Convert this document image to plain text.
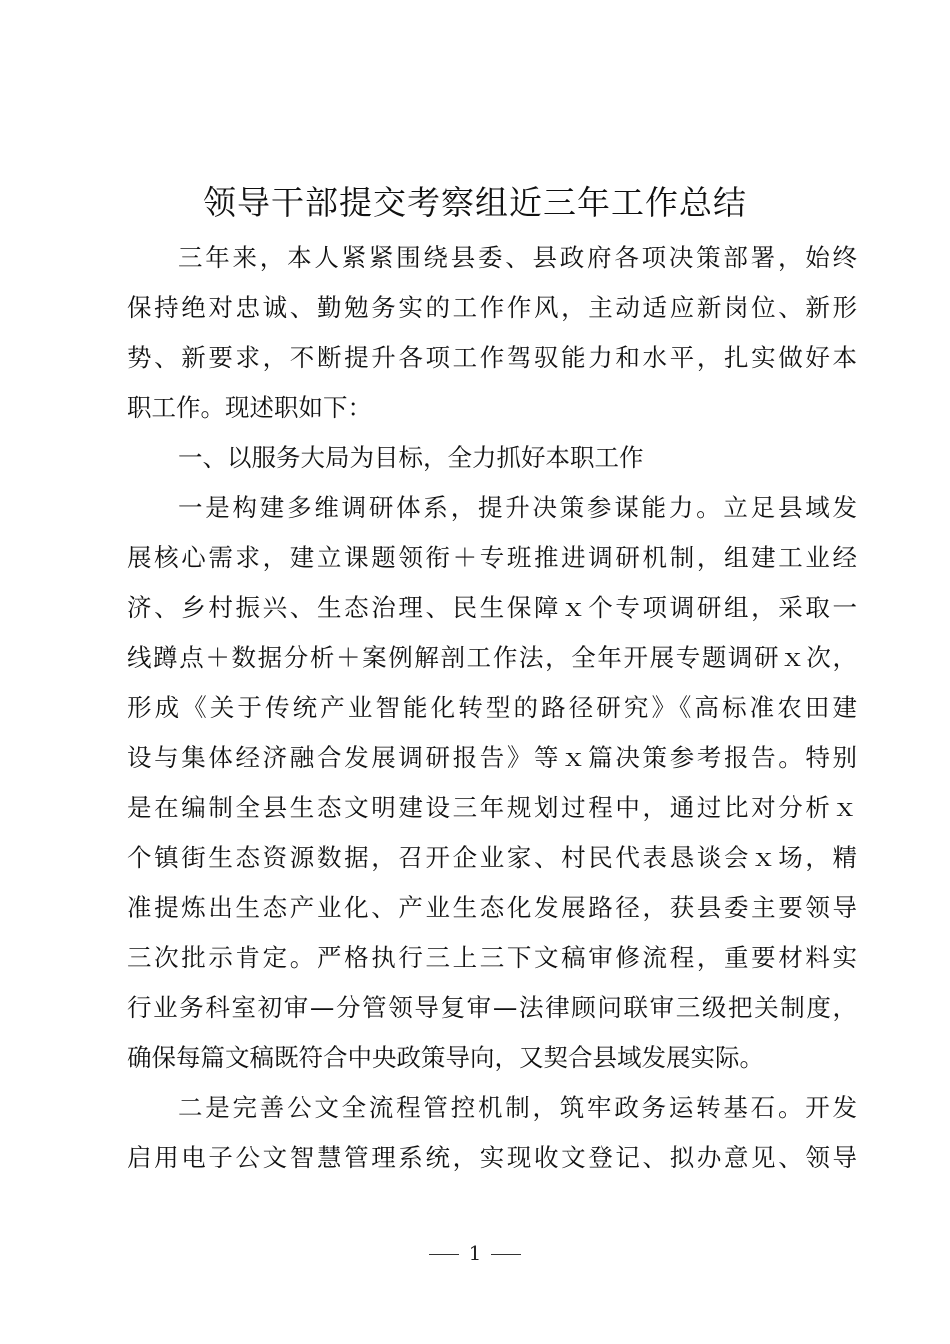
领导干部提交考察组近三年工作总结
三年来，本人紧紧围绕县委、县政府各项决策部署，始终
保持绝对忠诚、勤勉务实的工作作风，主动适应新岗位、新形
势、新要求，不断提升各项工作驾驭能力和水平，扎实做好本
职工作。现述职如下：
一、以服务大局为目标，全力抓好本职工作
一是构建多维调研体系，提升决策参谋能力。立足县域发
展核心需求，建立课题领衔＋专班推进调研机制，组建工业经
济、乡村振兴、生态治理、民生保障ｘ个专项调研组，采取一
线蹲点＋数据分析＋案例解剖工作法，全年开展专题调研ｘ次，
形成《关于传统产业智能化转型的路径研究》《高标准农田建
设与集体经济融合发展调研报告》等ｘ篇决策参考报告。特别
是在编制全县生态文明建设三年规划过程中，通过比对分析ｘ
个镇街生态资源数据，召开企业家、村民代表恳谈会ｘ场，精
准提炼出生态产业化、产业生态化发展路径，获县委主要领导
三次批示肯定。严格执行三上三下文稿审修流程，重要材料实
行业务科室初审—分管领导复审—法律顾问联审三级把关制度，
确保每篇文稿既符合中央政策导向，又契合县域发展实际。
二是完善公文全流程管控机制，筑牢政务运转基石。开发
启用电子公文智慧管理系统，实现收文登记、拟办意见、领导
1
